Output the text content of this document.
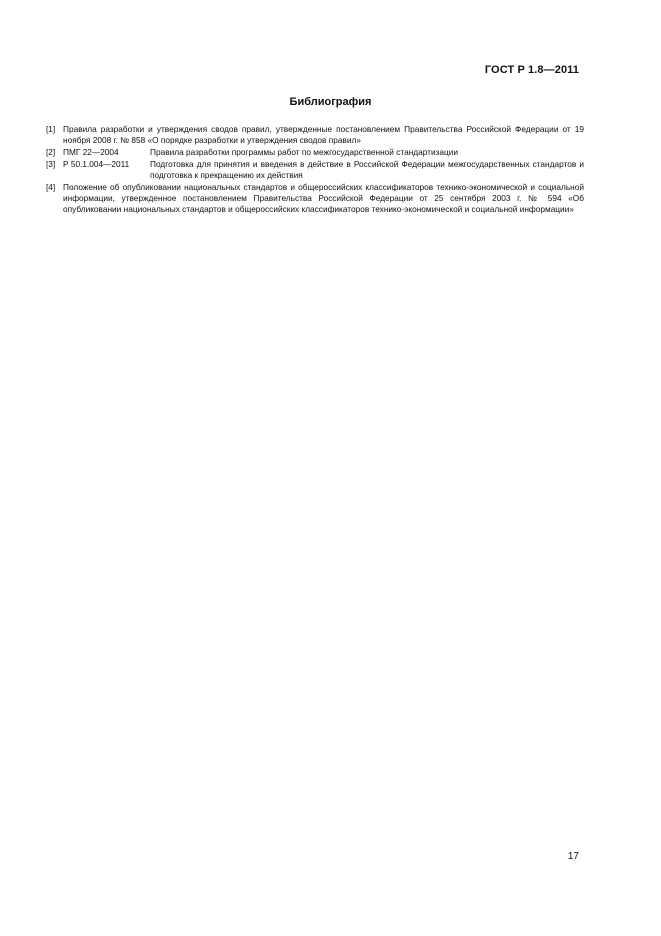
ГОСТ Р 1.8—2011
Библиография
[1] Правила разработки и утверждения сводов правил, утвержденные постановлением Правительства Российской Федерации от 19 ноября 2008 г. № 858 «О порядке разработки и утверждения сводов правил»
[2] ПМГ 22—2004	Правила разработки программы работ по межгосударственной стандартизации
[3] Р 50.1.004—2011 Подготовка для принятия и введения в действие в Российской Федерации межгосударственных стандартов и подготовка к прекращению их действия
[4] Положение об опубликовании национальных стандартов и общероссийских классификаторов технико-экономической и социальной информации, утвержденное постановлением Правительства Российской Федерации от 25 сентября 2003 г. № 594 «Об опубликовании национальных стандартов и общероссийских классификаторов технико-экономической и социальной информации»
17
